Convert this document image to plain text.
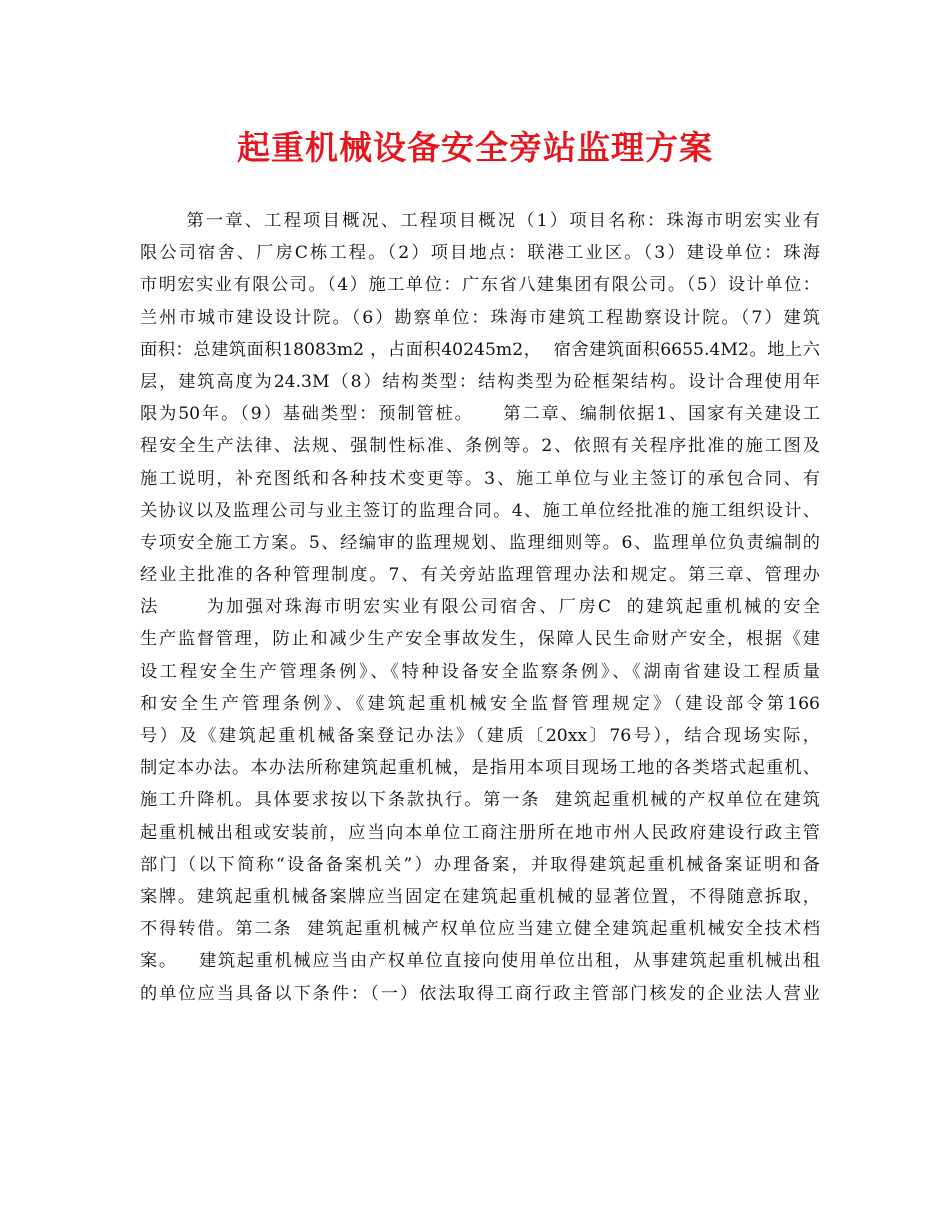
起重机械设备安全旁站监理方案
第一章、工程项目概况、工程项目概况（1）项目名称：珠海市明宏实业有
限公司宿舍、厂房C栋工程。（2）项目地点：联港工业区。（3）建设单位：珠海
市明宏实业有限公司。（4）施工单位：广东省八建集团有限公司。（5）设计单位：
兰州市城市建设设计院。（6）勘察单位：珠海市建筑工程勘察设计院。（7）建筑
面积：总建筑面积18083m2 ，占面积40245m2，  宿舍建筑面积6655.4M2。地上六
层，建筑高度为24.3M（8）结构类型：结构类型为砼框架结构。设计合理使用年
限为50年。（9）基础类型：预制管桩。    第二章、编制依据1、国家有关建设工
程安全生产法律、法规、强制性标准、条例等。2、依照有关程序批准的施工图及
施工说明，补充图纸和各种技术变更等。3、施工单位与业主签订的承包合同、有
关协议以及监理公司与业主签订的监理合同。4、施工单位经批准的施工组织设计、
专项安全施工方案。5、经编审的监理规划、监理细则等。6、监理单位负责编制的
经业主批准的各种管理制度。7、有关旁站监理管理办法和规定。第三章、管理办
法      为加强对珠海市明宏实业有限公司宿舍、厂房C  的建筑起重机械的安全
生产监督管理，防止和减少生产安全事故发生，保障人民生命财产安全，根据《建
设工程安全生产管理条例》、《特种设备安全监察条例》、《湖南省建设工程质量
和安全生产管理条例》、《建筑起重机械安全监督管理规定》（建设部令第166
号）及《建筑起重机械备案登记办法》（建质〔20xx〕76号），结合现场实际，
制定本办法。本办法所称建筑起重机械，是指用本项目现场工地的各类塔式起重机、
施工升降机。具体要求按以下条款执行。第一条  建筑起重机械的产权单位在建筑
起重机械出租或安装前，应当向本单位工商注册所在地市州人民政府建设行政主管
部门（以下简称“设备备案机关”）办理备案，并取得建筑起重机械备案证明和备
案牌。建筑起重机械备案牌应当固定在建筑起重机械的显著位置，不得随意拆取，
不得转借。第二条  建筑起重机械产权单位应当建立健全建筑起重机械安全技术档
案。   建筑起重机械应当由产权单位直接向使用单位出租，从事建筑起重机械出租
的单位应当具备以下条件：（一）依法取得工商行政主管部门核发的企业法人营业
